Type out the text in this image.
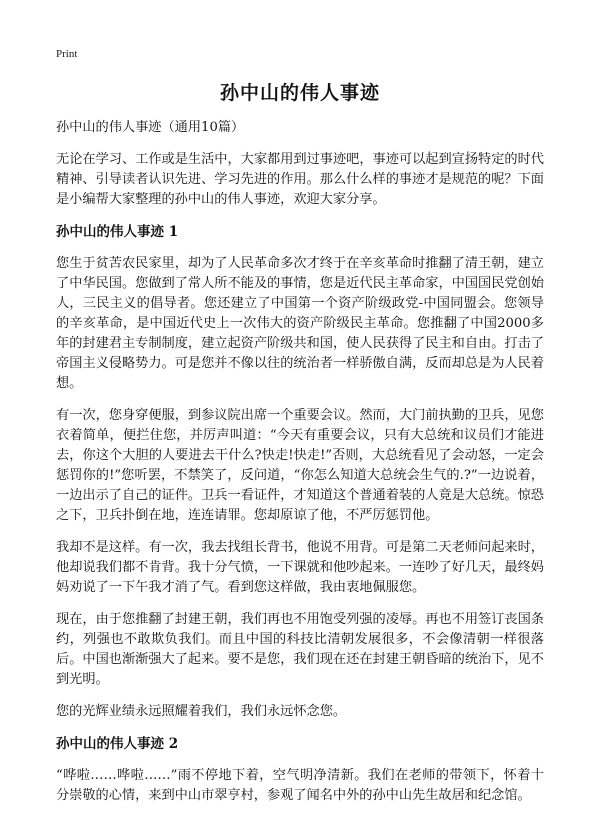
Print
孙中山的伟人事迹
孙中山的伟人事迹（通用10篇）

无论在学习、工作或是生活中，大家都用到过事迹吧，事迹可以起到宣扬特定的时代精神、引导读者认识先进、学习先进的作用。那么什么样的事迹才是规范的呢？下面是小编帮大家整理的孙中山的伟人事迹，欢迎大家分享。

孙中山的伟人事迹 1

您生于贫苦农民家里，却为了人民革命多次才终于在辛亥革命时推翻了清王朝，建立了中华民国。您做到了常人所不能及的事情，您是近代民主革命家，中国国民党创始人，三民主义的倡导者。您还建立了中国第一个资产阶级政党-中国同盟会。您领导的辛亥革命，是中国近代史上一次伟大的资产阶级民主革命。您推翻了中国2000多年的封建君主专制制度，建立起资产阶级共和国，使人民获得了民主和自由。打击了帝国主义侵略势力。可是您并不像以往的统治者一样骄傲自满，反而却总是为人民着想。

有一次，您身穿便服，到参议院出席一个重要会议。然而，大门前执勤的卫兵，见您衣着简单，便拦住您，并厉声叫道：“今天有重要会议，只有大总统和议员们才能进去，你这个大胆的人要进去干什么?快走!快走!”否则，大总统看见了会动怒，一定会惩罚你的!”您听罢，不禁笑了，反问道，“你怎么知道大总统会生气的.?”一边说着，一边出示了自己的证件。卫兵一看证件，才知道这个普通着装的人竟是大总统。惊恐之下，卫兵扑倒在地，连连请罪。您却原谅了他，不严厉惩罚他。

我却不是这样。有一次，我去找组长背书，他说不用背。可是第二天老师问起来时，他却说我们都不肯背。我十分气愤，一下课就和他吵起来。一连吵了好几天，最终妈妈劝说了一下午我才消了气。看到您这样做，我由衷地佩服您。

现在，由于您推翻了封建王朝，我们再也不用饱受列强的凌辱。再也不用签订丧国条约，列强也不敢欺负我们。而且中国的科技比清朝发展很多，不会像清朝一样很落后。中国也渐渐强大了起来。要不是您，我们现在还在封建王朝昏暗的统治下，见不到光明。

您的光辉业绩永远照耀着我们，我们永远怀念您。

孙中山的伟人事迹 2

“哗啦……哗啦……”雨不停地下着，空气明净清新。我们在老师的带领下，怀着十分崇敬的心情，来到中山市翠亨村，参观了闻名中外的孙中山先生故居和纪念馆。
